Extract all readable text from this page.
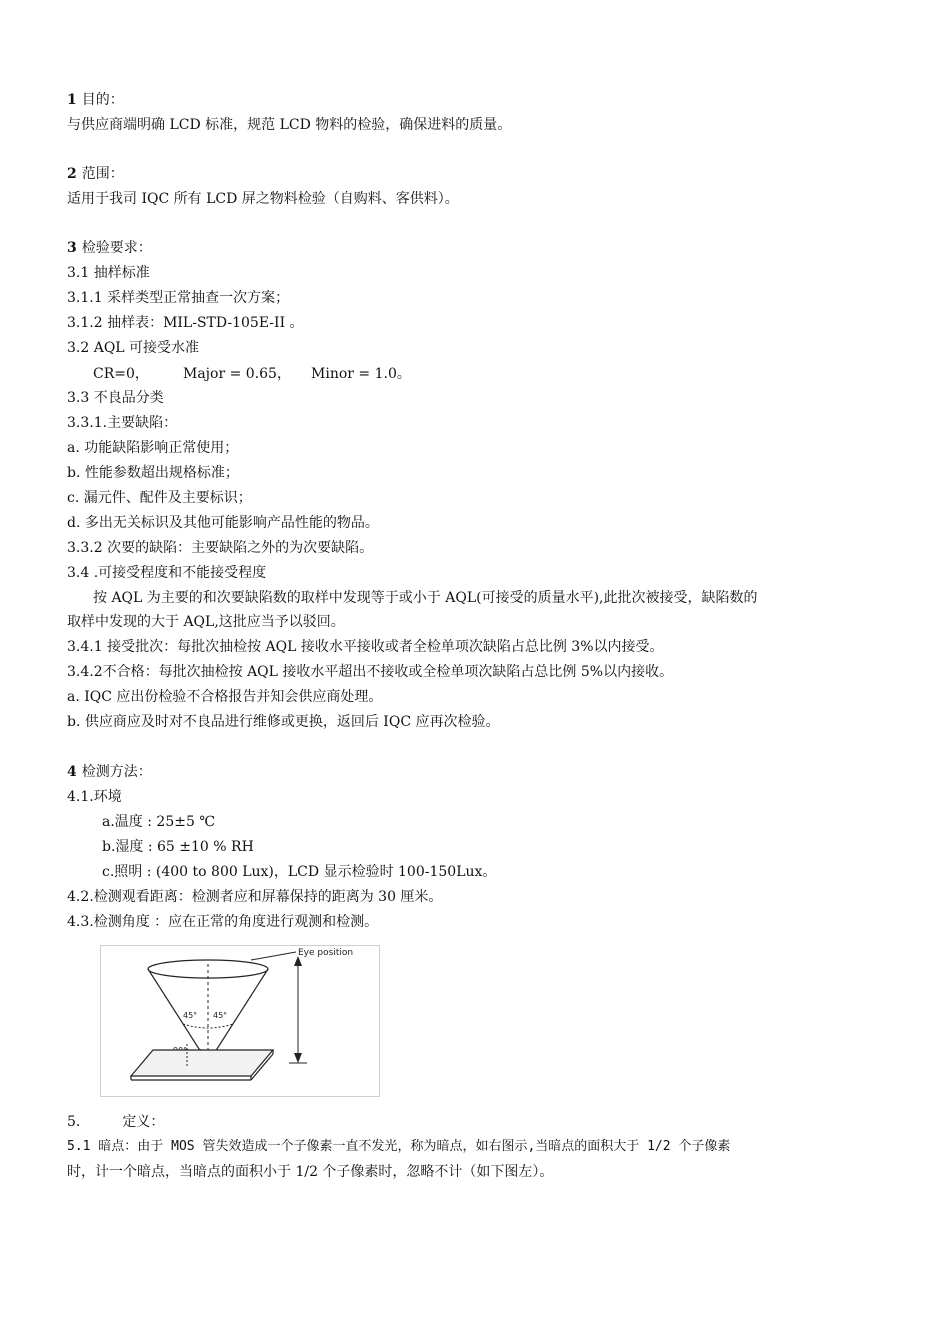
1 目的：
与供应商端明确 LCD 标准，规范 LCD 物料的检验，确保进料的质量。
2 范围：
适用于我司 IQC 所有 LCD 屏之物料检验（自购料、客供料）。
3 检验要求：
3.1 抽样标准
3.1.1 采样类型正常抽查一次方案；
3.1.2 抽样表：MIL-STD-105E-II 。
3.2 AQL 可接受水准
CR=0， Major = 0.65， Minor = 1.0。
3.3 不良品分类
3.3.1.主要缺陷：
a. 功能缺陷影响正常使用；
b. 性能参数超出规格标准；
c. 漏元件、配件及主要标识；
d. 多出无关标识及其他可能影响产品性能的物品。
3.3.2 次要的缺陷：主要缺陷之外的为次要缺陷。
3.4 .可接受程度和不能接受程度
按 AQL 为主要的和次要缺陷数的取样中发现等于或小于 AQL(可接受的质量水平),此批次被接受，缺陷数的
取样中发现的大于 AQL,这批应当予以驳回。
3.4.1 接受批次：每批次抽检按 AQL 接收水平接收或者全检单项次缺陷占总比例 3%以内接受。
3.4.2不合格：每批次抽检按 AQL 接收水平超出不接收或全检单项次缺陷占总比例 5%以内接收。
a. IQC 应出份检验不合格报告并知会供应商处理。
b. 供应商应及时对不良品进行维修或更换，返回后 IQC 应再次检验。
4 检测方法：
4.1.环境
a.温度 : 25±5 ℃
b.湿度 : 65 ±10 % RH
c.照明 : (400 to 800 Lux)，LCD 显示检验时 100-150Lux。
4.2.检测观看距离：检测者应和屏幕保持的距离为 30 厘米。
4.3.检测角度 ：应在正常的角度进行观测和检测。
Eye position
45° 45°
5.	定义：
5.1 暗点：由于 MOS 管失效造成一个子像素一直不发光，称为暗点，如右图示,当暗点的面积大于 1/2 个子像素
时，计一个暗点，当暗点的面积小于 1/2 个子像素时，忽略不计（如下图左）。
